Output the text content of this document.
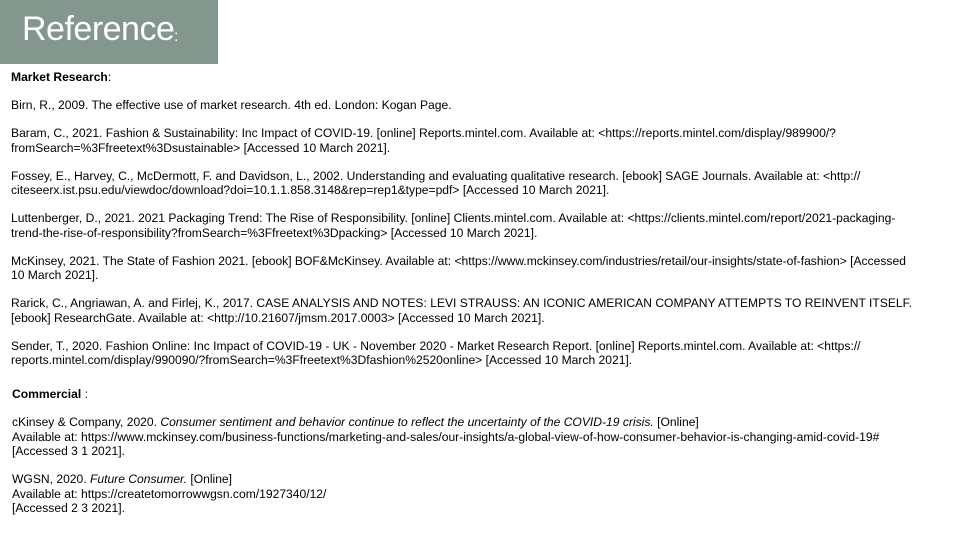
Reference :

Market Research:

Birn, R., 2009. The effective use of market research. 4th ed. London: Kogan Page.

Baram, C., 2021. Fashion & Sustainability: Inc Impact of COVID-19. [online] Reports.mintel.com. Available at: <https://reports.mintel.com/display/989900/?
fromSearch=%3Ffreetext%3Dsustainable> [Accessed 10 March 2021].

Fossey, E., Harvey, C., McDermott, F. and Davidson, L., 2002. Understanding and evaluating qualitative research. [ebook] SAGE Journals. Available at: <http://
citeseerx.ist.psu.edu/viewdoc/download?doi=10.1.1.858.3148&rep=rep1&type=pdf> [Accessed 10 March 2021].

Luttenberger, D., 2021. 2021 Packaging Trend: The Rise of Responsibility. [online] Clients.mintel.com. Available at: <https://clients.mintel.com/report/2021-packaging-
trend-the-rise-of-responsibility?fromSearch=%3Ffreetext%3Dpacking> [Accessed 10 March 2021].

McKinsey, 2021. The State of Fashion 2021. [ebook] BOF&McKinsey. Available at: <https://www.mckinsey.com/industries/retail/our-insights/state-of-fashion> [Accessed
10 March 2021].

Rarick, C., Angriawan, A. and Firlej, K., 2017. CASE ANALYSIS AND NOTES: LEVI STRAUSS: AN ICONIC AMERICAN COMPANY ATTEMPTS TO REINVENT ITSELF.
[ebook] ResearchGate. Available at: <http://10.21607/jmsm.2017.0003> [Accessed 10 March 2021].

Sender, T., 2020. Fashion Online: Inc Impact of COVID-19 - UK - November 2020 - Market Research Report. [online] Reports.mintel.com. Available at: <https://
reports.mintel.com/display/990090/?fromSearch=%3Ffreetext%3Dfashion%2520online> [Accessed 10 March 2021].

Commercial :

cKinsey & Company, 2020. Consumer sentiment and behavior continue to reflect the uncertainty of the COVID-19 crisis. [Online]
Available at: https://www.mckinsey.com/business-functions/marketing-and-sales/our-insights/a-global-view-of-how-consumer-behavior-is-changing-amid-covid-19#
[Accessed 3 1 2021].

WGSN, 2020. Future Consumer. [Online]
Available at: https://createtomorrowwgsn.com/1927340/12/
[Accessed 2 3 2021].
